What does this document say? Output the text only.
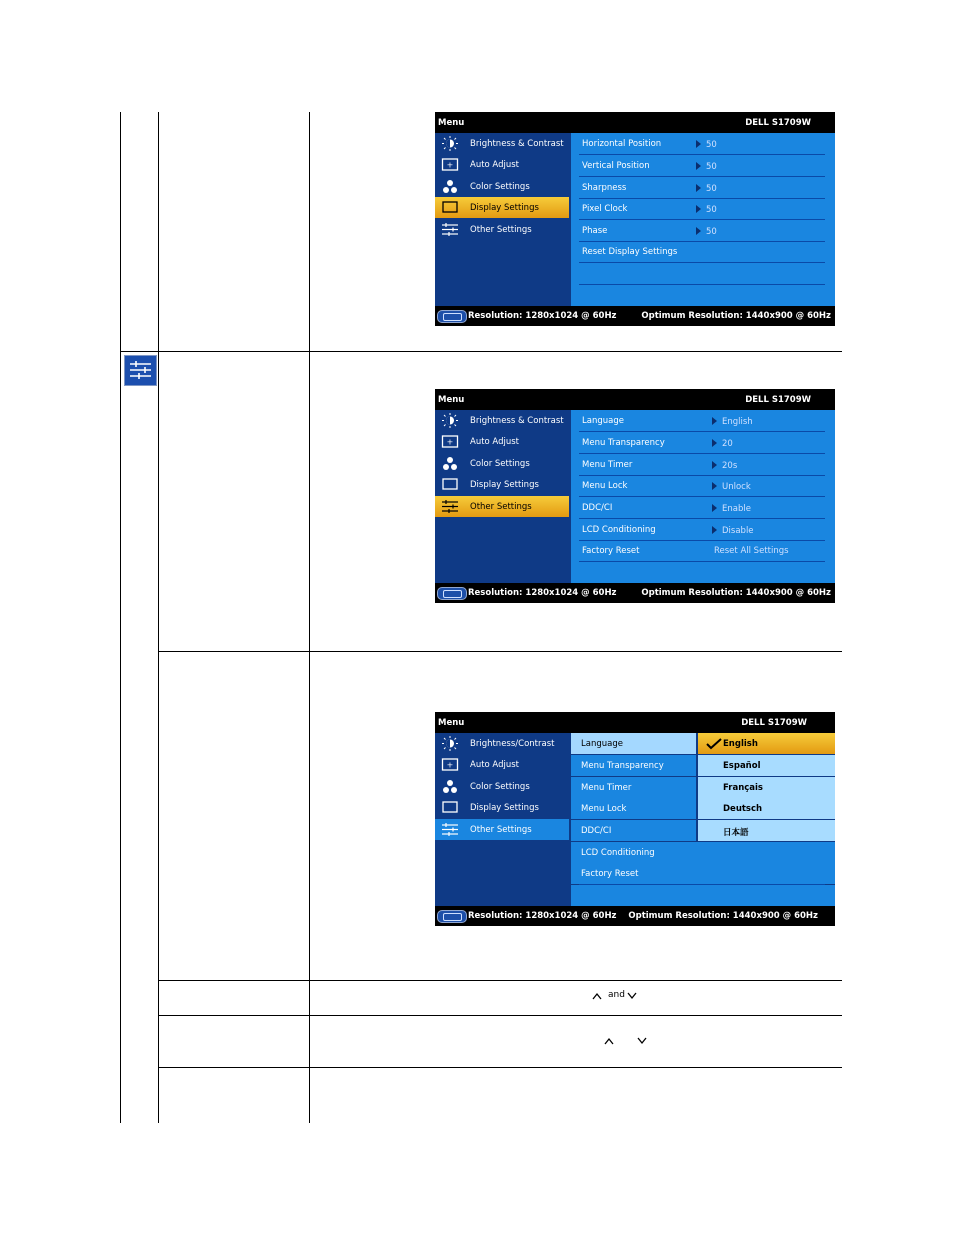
Menu	DELL S1709W
Brightness & Contrast
+ Auto Adjust
Color Settings
Display Settings
Other Settings
Horizontal Position	50
Vertical Position	50
Sharpness	50
Pixel Clock	50
Phase	50
Reset Display Settings
Resolution: 1280x1024 @ 60Hz	Optimum Resolution: 1440x900 @ 60Hz
Menu	DELL S1709W
Brightness & Contrast
+ Auto Adjust
Color Settings
Display Settings
Other Settings
Language	English
Menu Transparency	20
Menu Timer	20s
Menu Lock	Unlock
DDC/CI	Enable
LCD Conditioning	Disable
Factory Reset	Reset All Settings
Resolution: 1280x1024 @ 60Hz	Optimum Resolution: 1440x900 @ 60Hz
Menu	DELL S1709W
Brightness/Contrast
+ Auto Adjust
Color Settings
Display Settings
Other Settings
Language
Menu Transparency
Menu Timer
Menu Lock
DDC/CI
LCD Conditioning
Factory Reset
English
Español
Français
Deutsch
日本語
Resolution: 1280x1024 @ 60Hz Optimum Resolution: 1440x900 @ 60Hz
and
